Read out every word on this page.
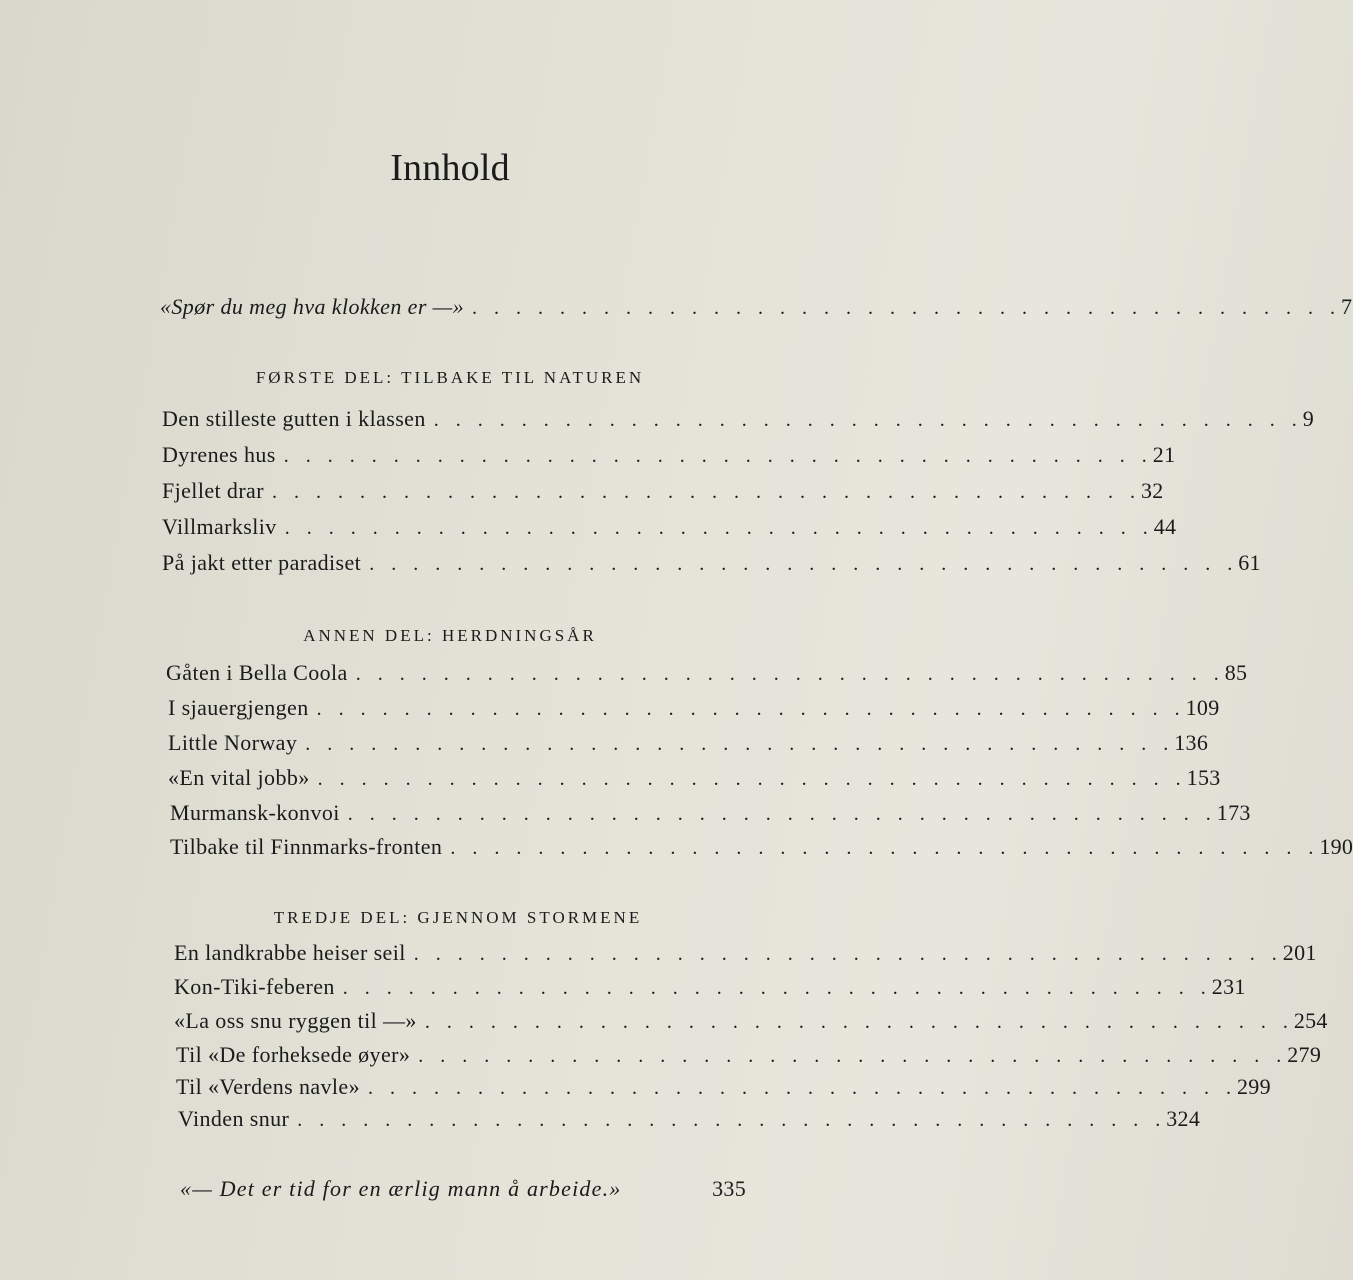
Innhold
«Spør du meg hva klokken er —» . . . . . . . . . . . . . . . . . . . . . . . . . . . . . . . . . . . . . . . . 7
FØRSTE DEL: TILBAKE TIL NATUREN
Den stilleste gutten i klassen . . . . . . . . . . . . . . . . . . . . . . . . . . . . . . . . . . . . . . . . 9
Dyrenes hus . . . . . . . . . . . . . . . . . . . . . . . . . . . . . . . . . . . . . . . . 21
Fjellet drar . . . . . . . . . . . . . . . . . . . . . . . . . . . . . . . . . . . . . . . . 32
Villmarksliv . . . . . . . . . . . . . . . . . . . . . . . . . . . . . . . . . . . . . . . . 44
På jakt etter paradiset . . . . . . . . . . . . . . . . . . . . . . . . . . . . . . . . . . . . . . . . 61
ANNEN DEL: HERDNINGSÅR
Gåten i Bella Coola . . . . . . . . . . . . . . . . . . . . . . . . . . . . . . . . . . . . . . . . 85
I sjauergjengen . . . . . . . . . . . . . . . . . . . . . . . . . . . . . . . . . . . . . . . . 109
Little Norway . . . . . . . . . . . . . . . . . . . . . . . . . . . . . . . . . . . . . . . . 136
«En vital jobb» . . . . . . . . . . . . . . . . . . . . . . . . . . . . . . . . . . . . . . . . 153
Murmansk-konvoi . . . . . . . . . . . . . . . . . . . . . . . . . . . . . . . . . . . . . . . . 173
Tilbake til Finnmarks-fronten . . . . . . . . . . . . . . . . . . . . . . . . . . . . . . . . . . . . . . . . 190
TREDJE DEL: GJENNOM STORMENE
En landkrabbe heiser seil . . . . . . . . . . . . . . . . . . . . . . . . . . . . . . . . . . . . . . . . 201
Kon-Tiki-feberen . . . . . . . . . . . . . . . . . . . . . . . . . . . . . . . . . . . . . . . . 231
«La oss snu ryggen til —» . . . . . . . . . . . . . . . . . . . . . . . . . . . . . . . . . . . . . . . . 254
Til «De forheksede øyer» . . . . . . . . . . . . . . . . . . . . . . . . . . . . . . . . . . . . . . . . 279
Til «Verdens navle» . . . . . . . . . . . . . . . . . . . . . . . . . . . . . . . . . . . . . . . . 299
Vinden snur . . . . . . . . . . . . . . . . . . . . . . . . . . . . . . . . . . . . . . . . 324
«— Det er tid for en ærlig mann å arbeide.»	335
